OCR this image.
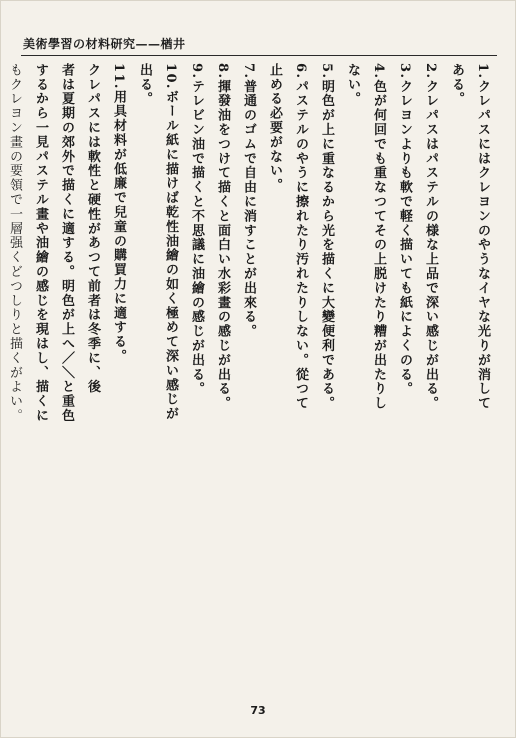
美術學習の材料研究——楢井
1.クレパスにはクレヨンのやうなイヤな光りが消して
ある。
2.クレパスはパステルの様な上品で深い感じが出る。
3.クレヨンよりも軟で軽く描いても紙によくのる。
4.色が何回でも重なつてその上脱けたり糟が出たりし
ない。
5.明色が上に重なるから光を描くに大變便利である。
6.パステルのやうに擦れたり汚れたりしない。從つて
止める必要がない。
7.普通のゴムで自由に消すことが出來る。
8.揮發油をつけて描くと面白い水彩畫の感じが出る。
9.テレビン油で描くと不思議に油繪の感じが出る。
10.ボール紙に描けば乾性油繪の如く極めて深い感じが
出る。
11.用具材料が低廉で兒童の購買力に適する。
クレパスには軟性と硬性があつて前者は冬季に、後
者は夏期の郊外で描くに適する。明色が上へ／＼と重色
するから一見パステル畫や油繪の感じを現はし、描くに
もクレヨン畫の要領で一層强くどつしりと描くがよい。
73
